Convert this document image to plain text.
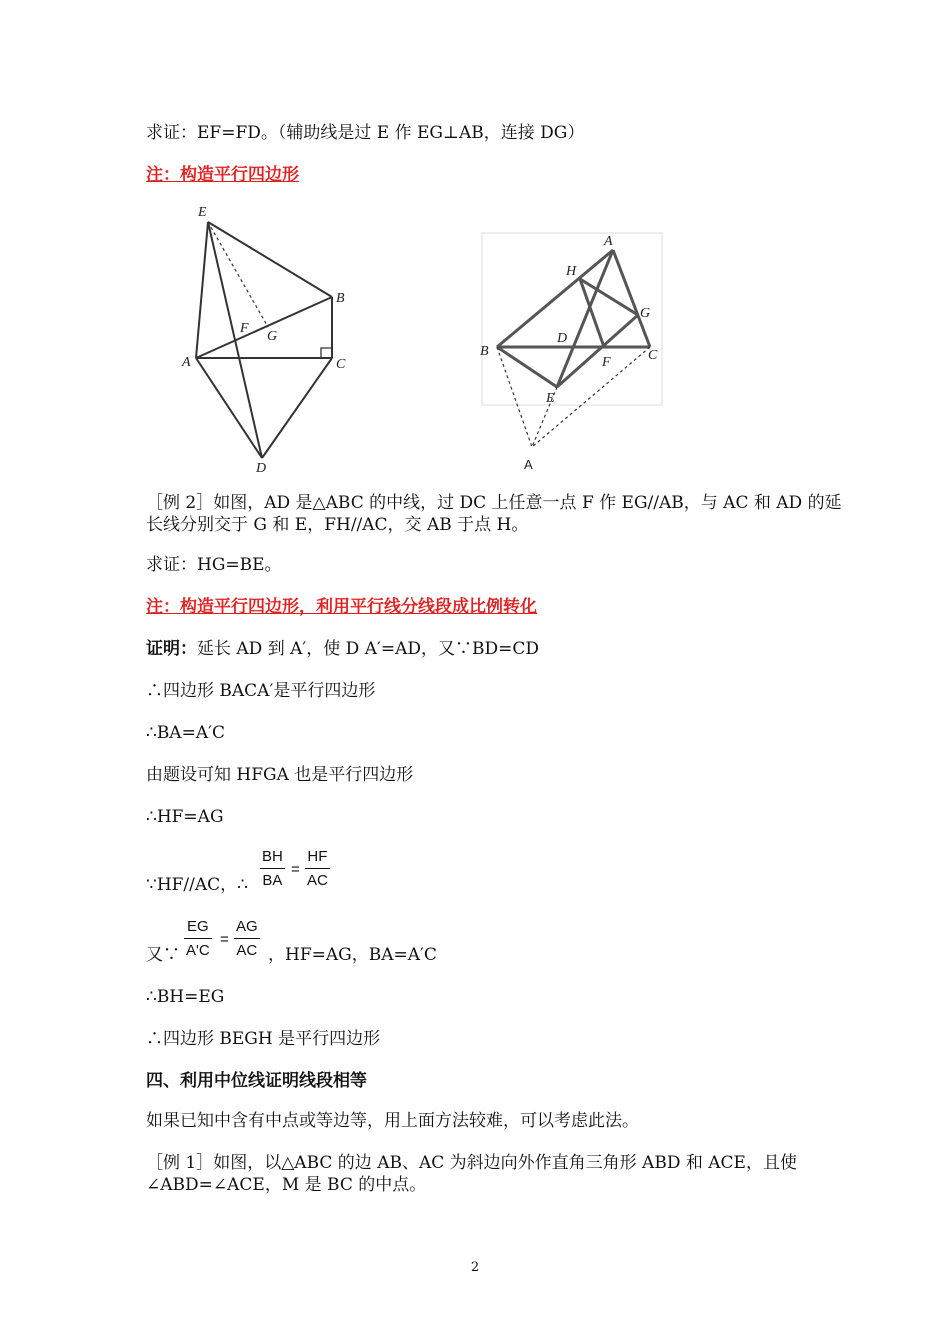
求证：EF=FD。（辅助线是过 E 作 EG⊥AB，连接 DG）
注：构造平行四边形
E
B
F
G
A	C
D
A
H
G
B
D
F	C
E
A
［例 2］如图，AD 是△ABC 的中线，过 DC 上任意一点 F 作 EG//AB，与 AC 和 AD 的延
长线分别交于 G 和 E，FH//AC，交 AB 于点 H。
求证：HG=BE。
注：构造平行四边形，利用平行线分线段成比例转化
证明：延长 AD 到 A′，使 D A′=AD，又∵BD=CD
∴四边形 BACA′是平行四边形
∴BA=A′C
由题设可知 HFGA 也是平行四边形
∴HF=AG
∵HF//AC，∴ $\frac{BH}{BA} = \frac{HF}{AC}$
又∵ $\frac{EG}{A'C} = \frac{AG}{AC}$ ，HF=AG，BA=A′C
∴BH=EG
∴四边形 BEGH 是平行四边形
四、利用中位线证明线段相等
如果已知中含有中点或等边等，用上面方法较难，可以考虑此法。
［例 1］如图，以△ABC 的边 AB、AC 为斜边向外作直角三角形 ABD 和 ACE，且使
∠ABD=∠ACE，M 是 BC 的中点。
2
